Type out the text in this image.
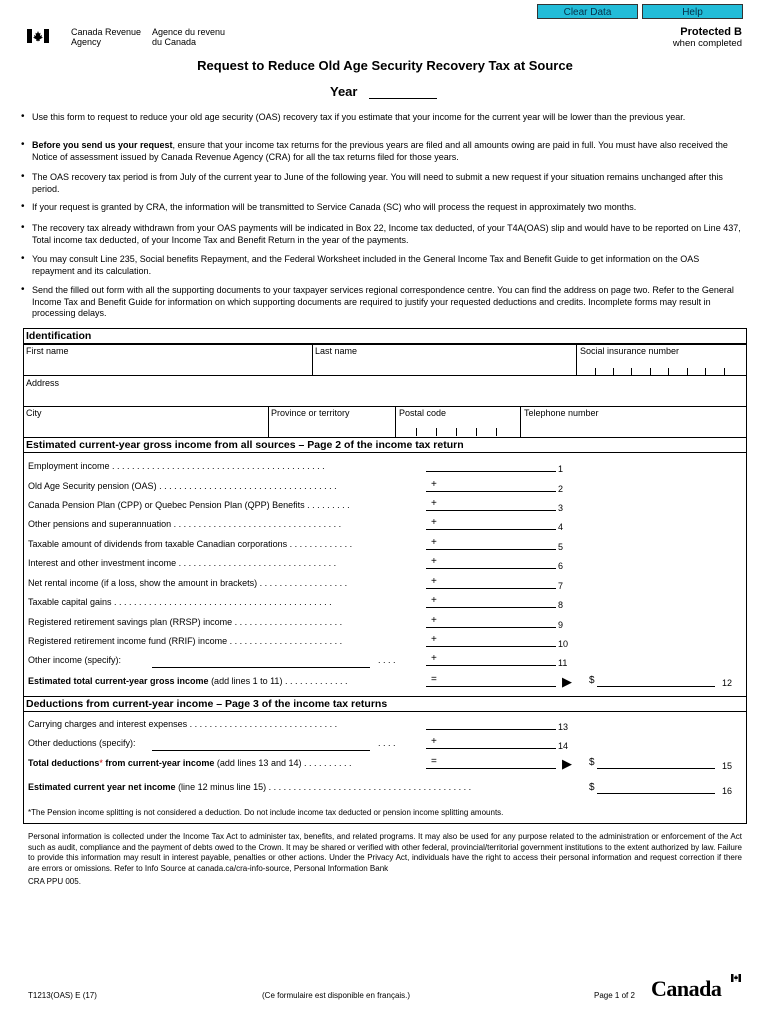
Clear Data	Help
Canada Revenue
Agency
Agence du revenu
du Canada
Protected B
when completed
Request to Reduce Old Age Security Recovery Tax at Source
Year
• Use this form to request to reduce your old age security (OAS) recovery tax if you estimate that your income for the current year will be lower than the previous year.
• Before you send us your request, ensure that your income tax returns for the previous years are filed and all amounts owing are paid in full. You must have also received the Notice of assessment issued by Canada Revenue Agency (CRA) for all the tax returns filed for those years.
• The OAS recovery tax period is from July of the current year to June of the following year. You will need to submit a new request if your situation remains unchanged after this period.
• If your request is granted by CRA, the information will be transmitted to Service Canada (SC) who will process the request in approximately two months.
• The recovery tax already withdrawn from your OAS payments will be indicated in Box 22, Income tax deducted, of your T4A(OAS) slip and would have to be reported on Line 437, Total income tax deducted, of your Income Tax and Benefit Return in the year of the payments.
• You may consult Line 235, Social benefits Repayment, and the Federal Worksheet included in the General Income Tax and Benefit Guide to get information on the OAS repayment and its calculation.
• Send the filled out form with all the supporting documents to your taxpayer services regional correspondence centre. You can find the address on page two. Refer to the General Income Tax and Benefit Guide for information on which supporting documents are required to justify your requested deductions and credits. Incomplete forms may result in processing delays.
Identification
First name	Last name	Social insurance number
Address
City	Province or territory	Postal code	Telephone number
Estimated current-year gross income from all sources – Page 2 of the income tax return
Employment income . . . . . . . . . . . . . . . . . . . . . . . . . . . . . . . . . . . . . . . . . . .	1
Old Age Security pension (OAS) . . . . . . . . . . . . . . . . . . . . . . . . . . . . . . . . . . . .	+	2
Canada Pension Plan (CPP) or Quebec Pension Plan (QPP) Benefits . . . . . . . . .	+	3
Other pensions and superannuation . . . . . . . . . . . . . . . . . . . . . . . . . . . . . . . . . .	+	4
Taxable amount of dividends from taxable Canadian corporations . . . . . . . . . . . . .	+	5
Interest and other investment income . . . . . . . . . . . . . . . . . . . . . . . . . . . . . . . .	+	6
Net rental income (if a loss, show the amount in brackets) . . . . . . . . . . . . . . . . . .	+	7
Taxable capital gains . . . . . . . . . . . . . . . . . . . . . . . . . . . . . . . . . . . . . . . . . . . .	+	8
Registered retirement savings plan (RRSP) income . . . . . . . . . . . . . . . . . . . . . .	+	9
Registered retirement income fund (RRIF) income . . . . . . . . . . . . . . . . . . . . . . .	+	10
Other income (specify):	. . . .	+	11
Estimated total current-year gross income (add lines 1 to 11) . . . . . . . . . . . . .	=	▶ $	12
Deductions from current-year income – Page 3 of the income tax returns
Carrying charges and interest expenses . . . . . . . . . . . . . . . . . . . . . . . . . . . . . .	13
Other deductions (specify):	. . . .	+	14
Total deductions* from current-year income (add lines 13 and 14) . . . . . . . . . .	=	▶ $	15
Estimated current year net income (line 12 minus line 15) . . . . . . . . . . . . . . . . . . . . . . . . . . . . . . . . . . . . . . . . .	$	16
*The Pension income splitting is not considered a deduction. Do not include income tax deducted or pension income splitting amounts.
Personal information is collected under the Income Tax Act to administer tax, benefits, and related programs. It may also be used for any purpose related to the administration or enforcement of the Act such as audit, compliance and the payment of debts owed to the Crown. It may be shared or verified with other federal, provincial/territorial government institutions to the extent authorized by law. Failure to provide this information may result in interest payable, penalties or other actions. Under the Privacy Act, individuals have the right to access their personal information and request correction if there are errors or omissions. Refer to Info Source at canada.ca/cra-info-source, Personal Information Bank
CRA PPU 005.
T1213(OAS) E (17)	(Ce formulaire est disponible en français.)	Page 1 of 2 Canada
